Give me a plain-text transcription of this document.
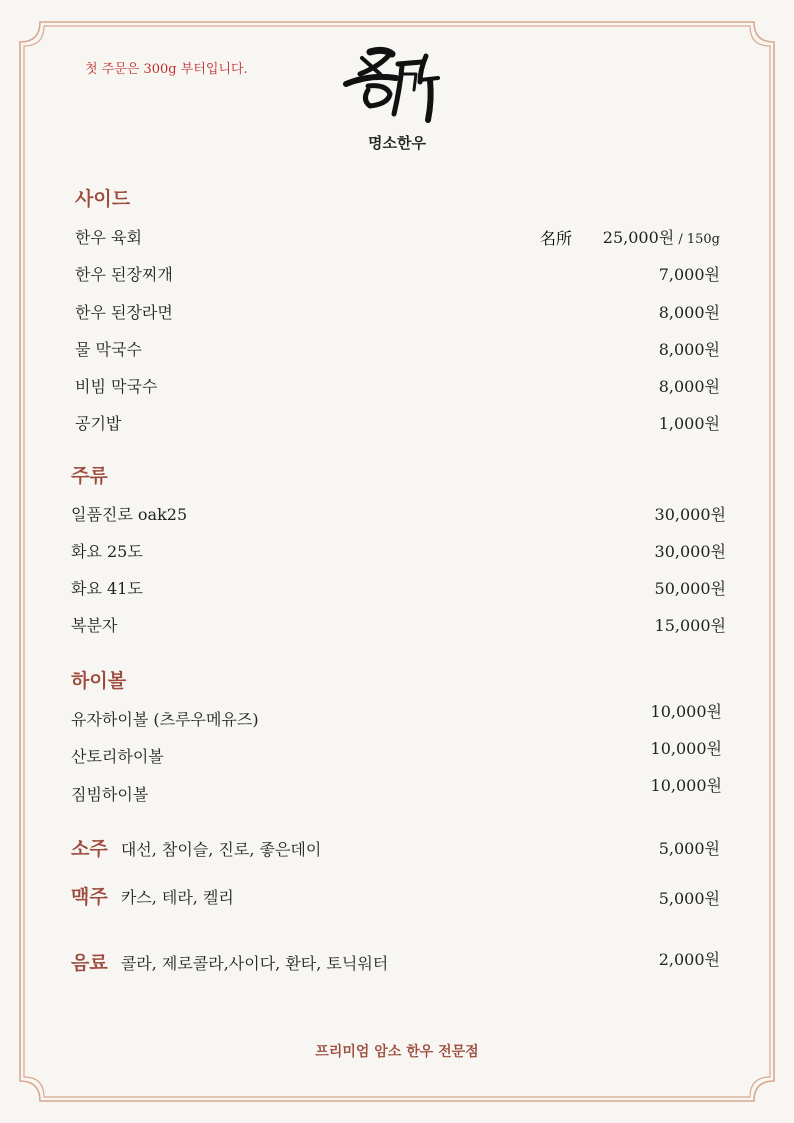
첫 주문은 300g 부터입니다.
名所
명소한우
사이드
한우 육회	25,000원 / 150g
한우 된장찌개	7,000원
한우 된장라면	8,000원
물 막국수	8,000원
비빔 막국수	8,000원
공기밥	1,000원
주류
일품진로 oak25	30,000원
화요 25도	30,000원
화요 41도	50,000원
복분자	15,000원
하이볼
유자하이볼 (츠루우메유즈)	10,000원
산토리하이볼	10,000원
짐빔하이볼	10,000원
소주 대선, 참이슬, 진로, 좋은데이	5,000원
맥주 카스, 테라, 켈리	5,000원
음료 콜라, 제로콜라,사이다, 환타, 토닉워터	2,000원
프리미엄 암소 한우 전문점
